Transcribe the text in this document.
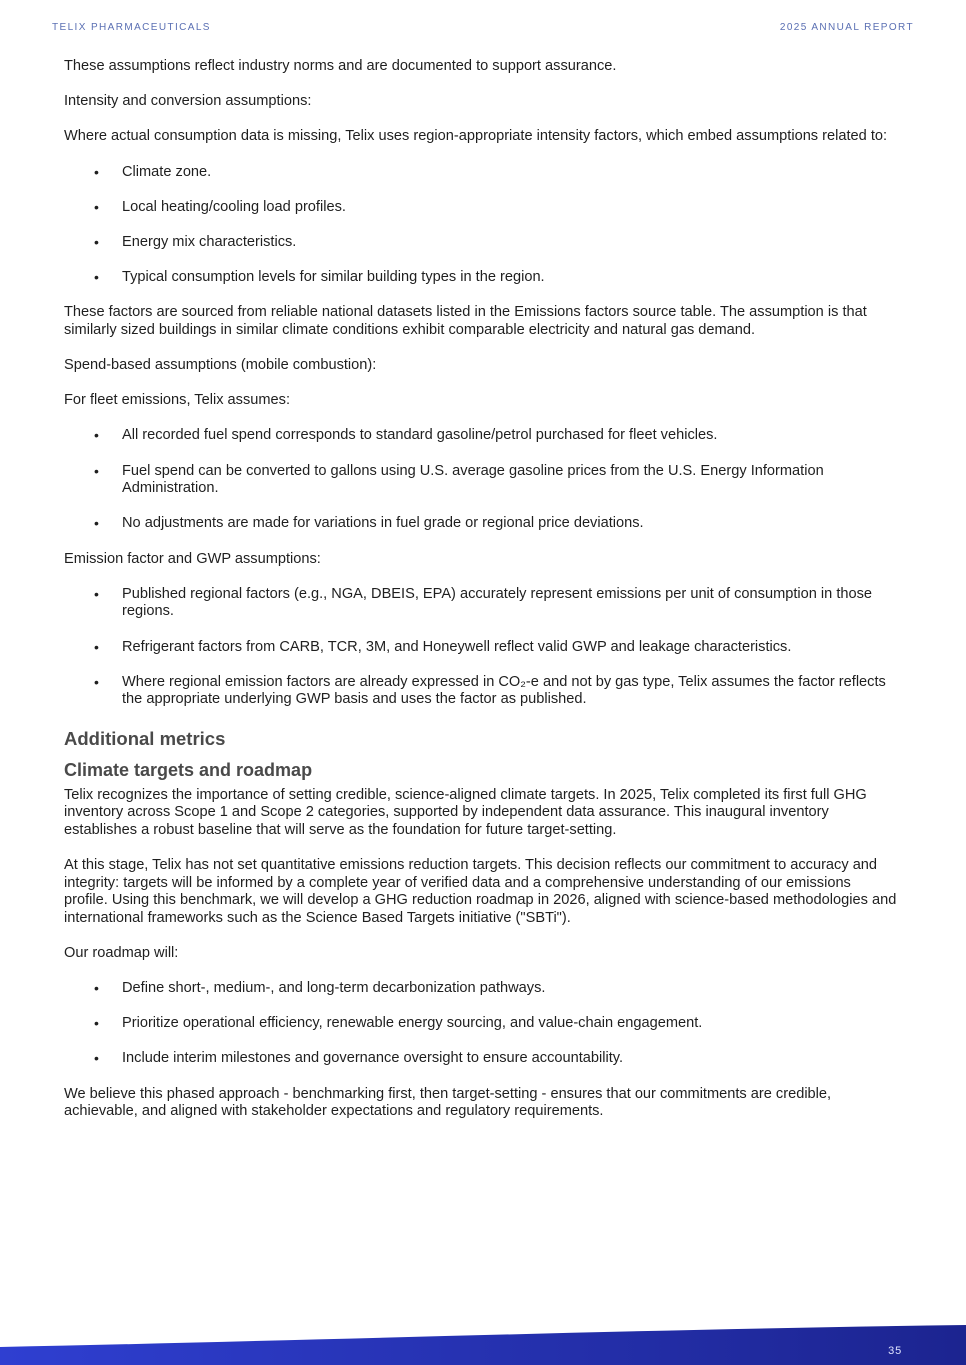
TELIX PHARMACEUTICALS	2025 ANNUAL REPORT

These assumptions reflect industry norms and are documented to support assurance.

Intensity and conversion assumptions:

Where actual consumption data is missing, Telix uses region-appropriate intensity factors, which embed assumptions related to:

• Climate zone.
• Local heating/cooling load profiles.
• Energy mix characteristics.
• Typical consumption levels for similar building types in the region.

These factors are sourced from reliable national datasets listed in the Emissions factors source table. The assumption is that similarly sized buildings in similar climate conditions exhibit comparable electricity and natural gas demand.

Spend-based assumptions (mobile combustion):

For fleet emissions, Telix assumes:

• All recorded fuel spend corresponds to standard gasoline/petrol purchased for fleet vehicles.
• Fuel spend can be converted to gallons using U.S. average gasoline prices from the U.S. Energy Information Administration.
• No adjustments are made for variations in fuel grade or regional price deviations.

Emission factor and GWP assumptions:

• Published regional factors (e.g., NGA, DBEIS, EPA) accurately represent emissions per unit of consumption in those regions.
• Refrigerant factors from CARB, TCR, 3M, and Honeywell reflect valid GWP and leakage characteristics.
• Where regional emission factors are already expressed in CO₂-e and not by gas type, Telix assumes the factor reflects the appropriate underlying GWP basis and uses the factor as published.
Additional metrics
Climate targets and roadmap

Telix recognizes the importance of setting credible, science-aligned climate targets. In 2025, Telix completed its first full GHG inventory across Scope 1 and Scope 2 categories, supported by independent data assurance. This inaugural inventory establishes a robust baseline that will serve as the foundation for future target-setting.

At this stage, Telix has not set quantitative emissions reduction targets. This decision reflects our commitment to accuracy and integrity: targets will be informed by a complete year of verified data and a comprehensive understanding of our emissions profile. Using this benchmark, we will develop a GHG reduction roadmap in 2026, aligned with science-based methodologies and international frameworks such as the Science Based Targets initiative ("SBTi").

Our roadmap will:

• Define short-, medium-, and long-term decarbonization pathways.
• Prioritize operational efficiency, renewable energy sourcing, and value-chain engagement.
• Include interim milestones and governance oversight to ensure accountability.

We believe this phased approach - benchmarking first, then target-setting - ensures that our commitments are credible, achievable, and aligned with stakeholder expectations and regulatory requirements.

35
